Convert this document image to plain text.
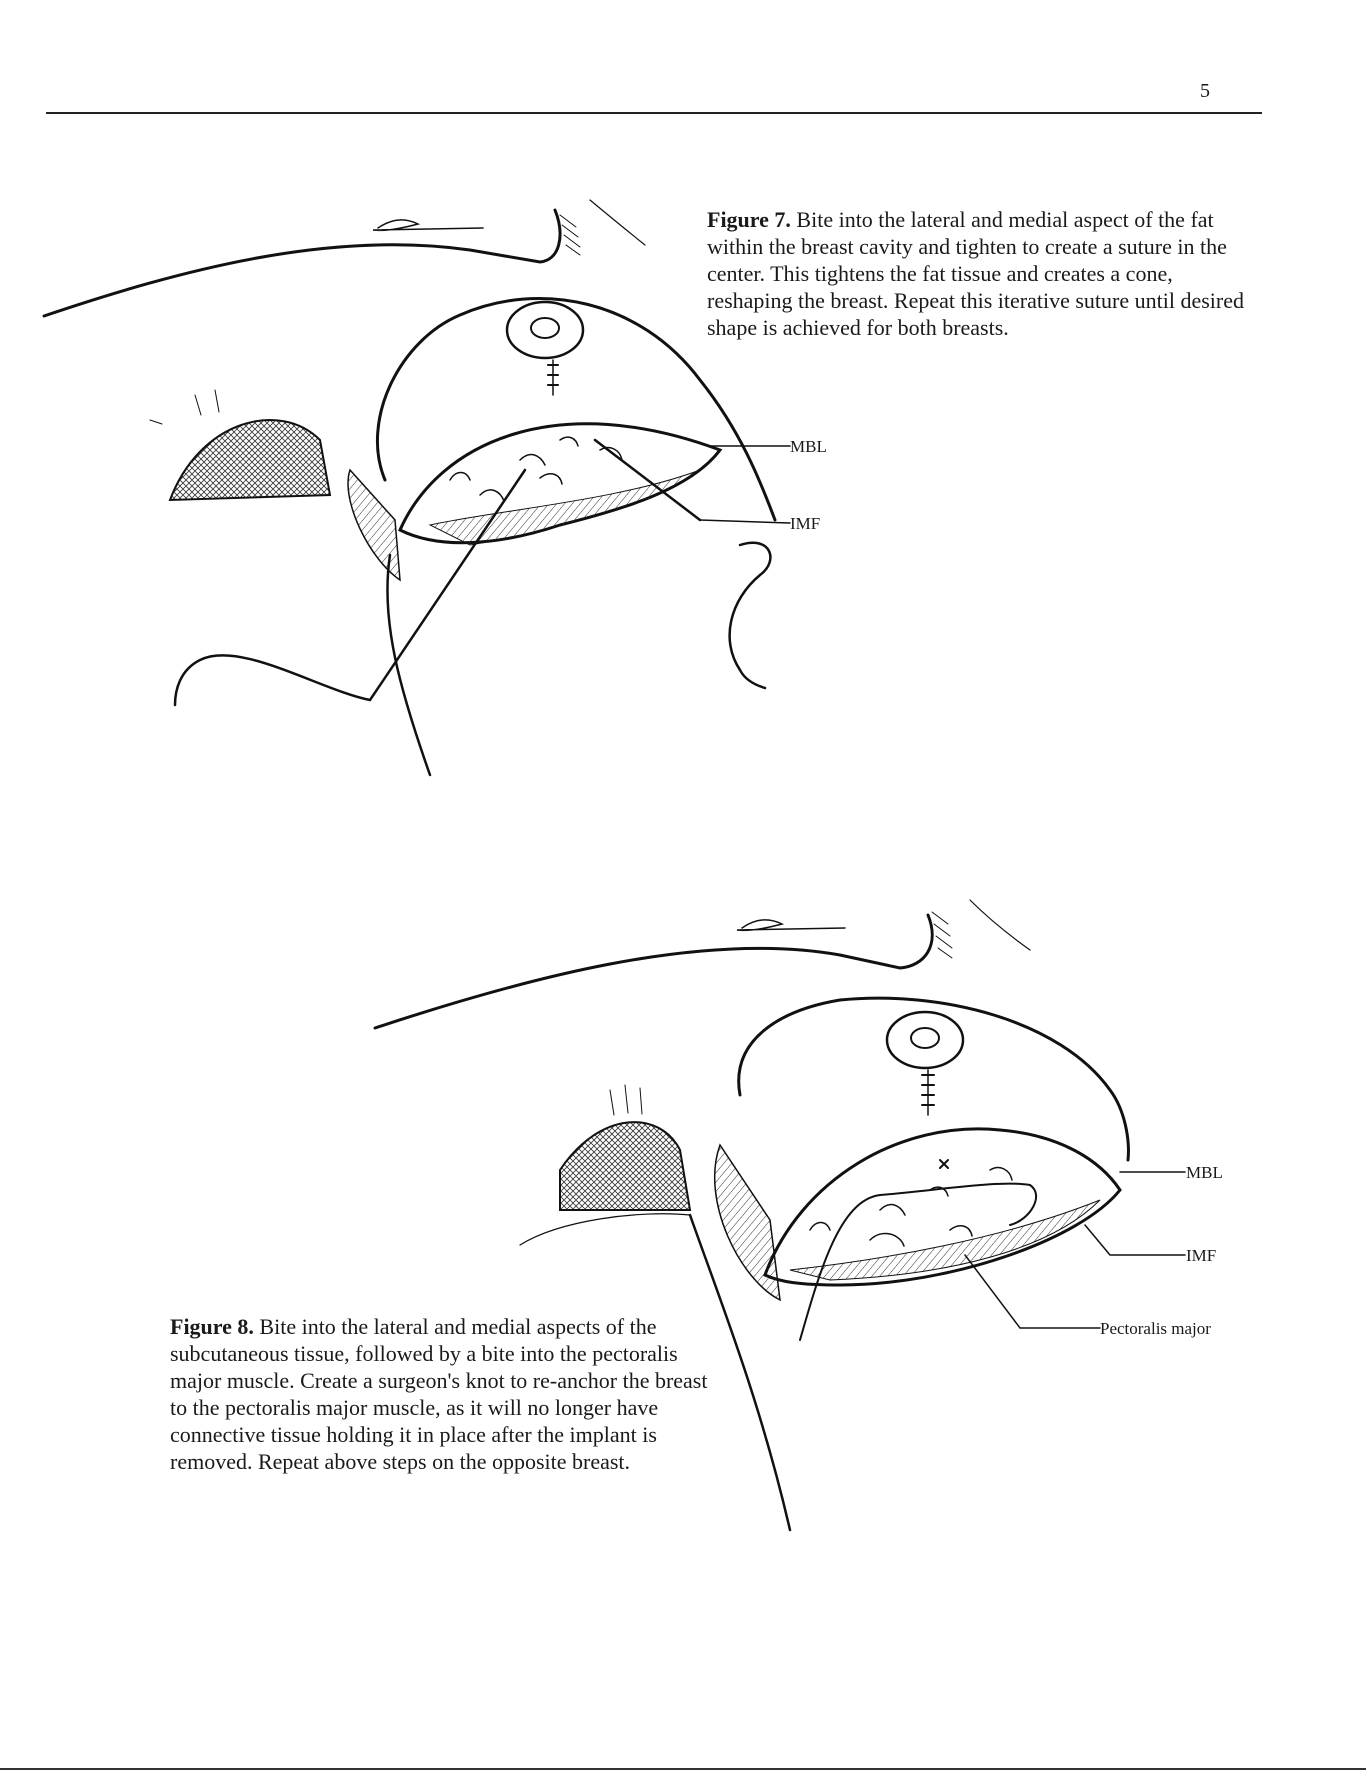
5
MBL
IMF
MBL
IMF
Pectoralis major
Figure 7. Bite into the lateral and medial aspect of the fat within the breast cavity and tighten to create a suture in the center. This tightens the fat tissue and creates a cone, reshaping the breast. Repeat this iterative suture until desired shape is achieved for both breasts.
Figure 8. Bite into the lateral and medial aspects of the subcutaneous tissue, followed by a bite into the pectoralis major muscle. Create a surgeon's knot to re-anchor the breast to the pectoralis major muscle, as it will no longer have connective tissue holding it in place after the implant is removed. Repeat above steps on the opposite breast.
